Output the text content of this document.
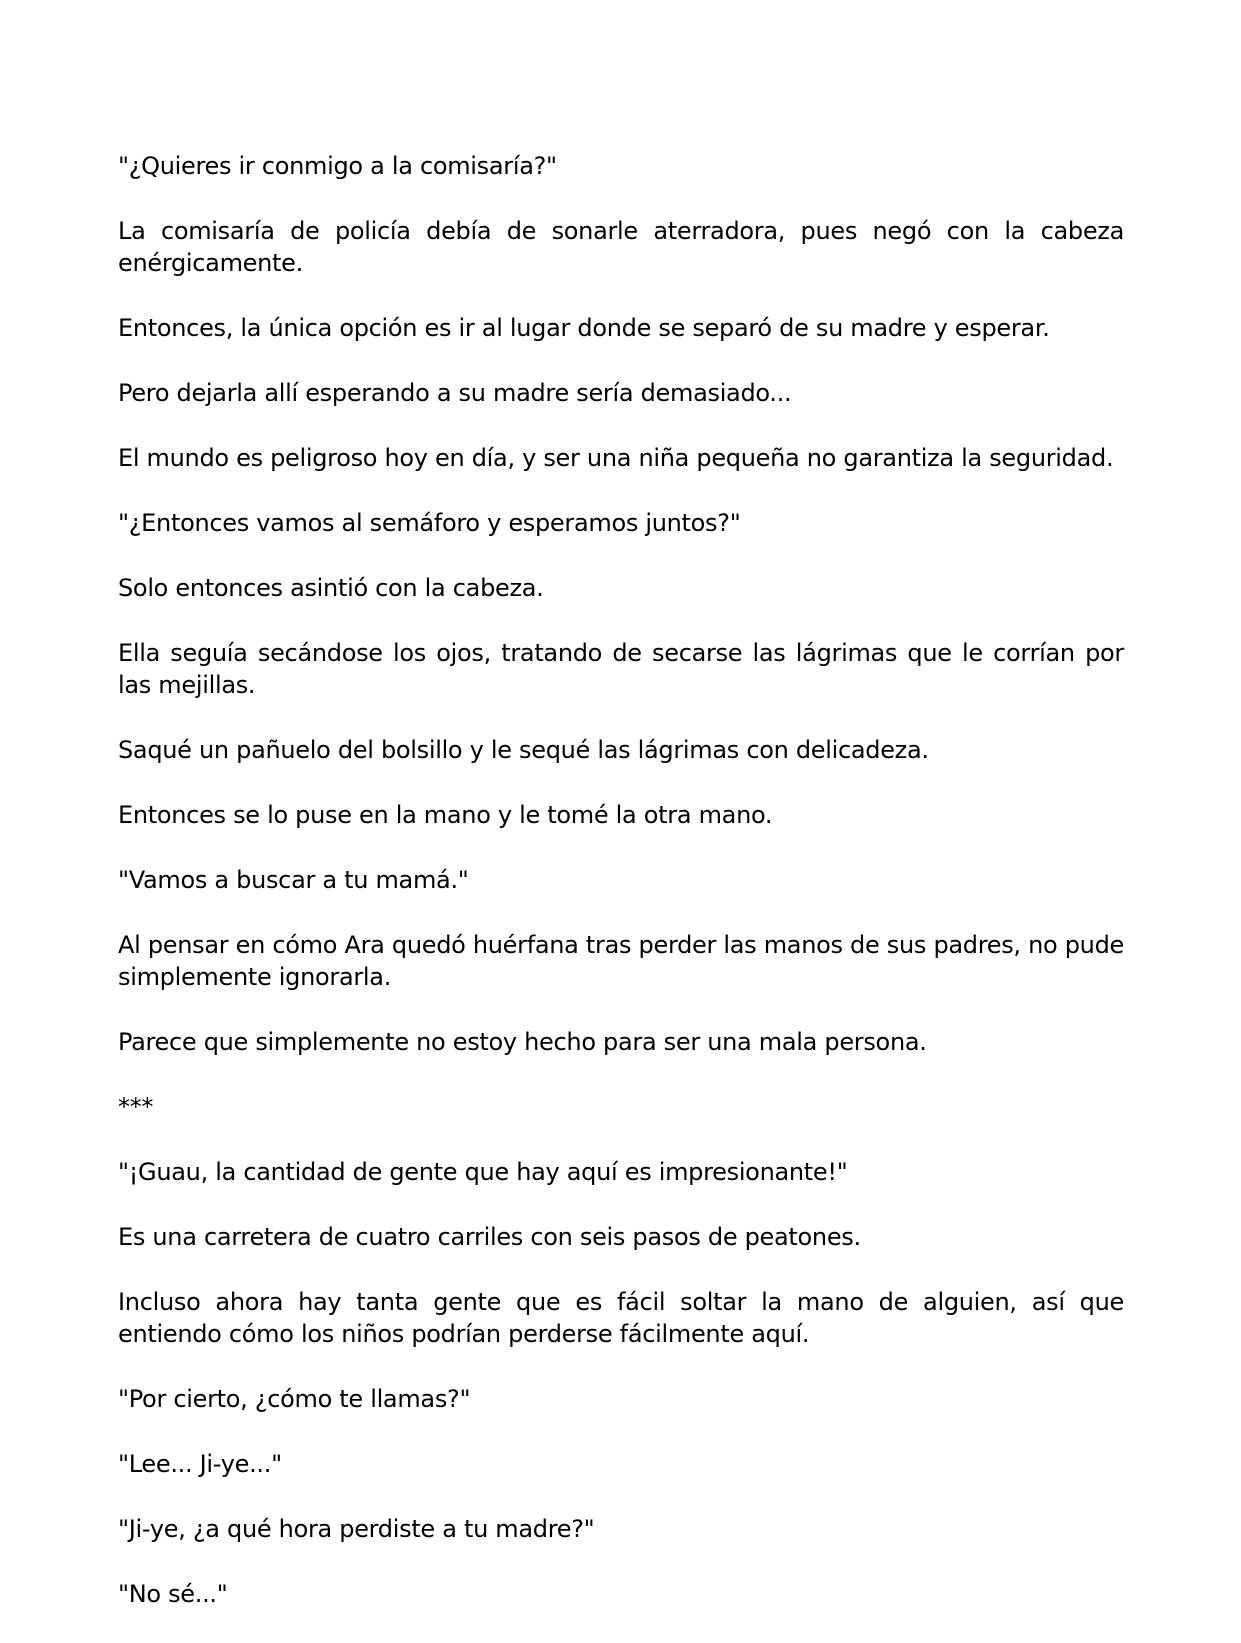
"¿Quieres ir conmigo a la comisaría?"

La comisaría de policía debía de sonarle aterradora, pues negó con la cabeza enérgicamente.

Entonces, la única opción es ir al lugar donde se separó de su madre y esperar.

Pero dejarla allí esperando a su madre sería demasiado...

El mundo es peligroso hoy en día, y ser una niña pequeña no garantiza la seguridad.

"¿Entonces vamos al semáforo y esperamos juntos?"

Solo entonces asintió con la cabeza.

Ella seguía secándose los ojos, tratando de secarse las lágrimas que le corrían por las mejillas.

Saqué un pañuelo del bolsillo y le sequé las lágrimas con delicadeza.

Entonces se lo puse en la mano y le tomé la otra mano.

"Vamos a buscar a tu mamá."

Al pensar en cómo Ara quedó huérfana tras perder las manos de sus padres, no pude simplemente ignorarla.

Parece que simplemente no estoy hecho para ser una mala persona.

***

"¡Guau, la cantidad de gente que hay aquí es impresionante!"

Es una carretera de cuatro carriles con seis pasos de peatones.

Incluso ahora hay tanta gente que es fácil soltar la mano de alguien, así que entiendo cómo los niños podrían perderse fácilmente aquí.

"Por cierto, ¿cómo te llamas?"

"Lee... Ji-ye..."

"Ji-ye, ¿a qué hora perdiste a tu madre?"

"No sé..."
